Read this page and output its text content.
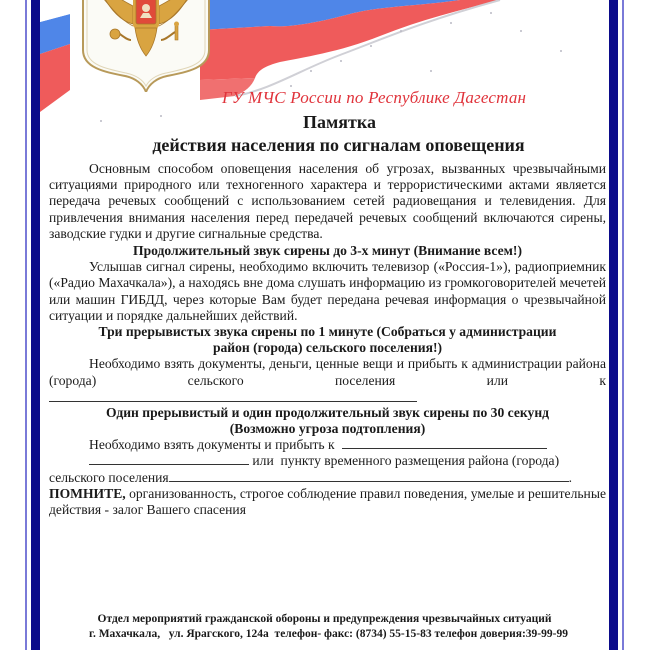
ГУ МЧС России по Республике Дагестан
Памятка
действия населения по сигналам оповещения
Основным способом оповещения населения об угрозах, вызванных чрезвычайными ситуациями природного или техногенного характера и террористическими актами является передача речевых сообщений с использованием сетей радиовещания и телевидения. Для привлечения внимания населения перед передачей речевых сообщений включаются сирены, заводские гудки и другие сигнальные средства.
Продолжительный звук сирены до 3-х минут (Внимание всем!)
Услышав сигнал сирены, необходимо включить телевизор («Россия-1»), радиоприемник («Радио Махачкала»), а находясь вне дома слушать информацию из громкоговорителей мечетей или машин ГИБДД, через которые Вам будет передана речевая информация о чрезвычайной ситуации и порядке дальнейших действий.
Три прерывистых звука сирены по 1 минуте (Собраться у администрации
район (города) сельского поселения!)
Необходимо взять документы, деньги, ценные вещи и прибыть к администрации района (города) сельского поселения или к
Один прерывистый и один продолжительный звук сирены по 30 секунд
(Возможно угроза подтопления)
Необходимо взять документы и прибыть к
или  пункту временного размещения района (города)
сельского поселения	.
ПОМНИТЕ, организованность, строгое соблюдение правил поведения, умелые и решительные действия - залог Вашего спасения
Отдел мероприятий гражданской обороны и предупреждения чрезвычайных ситуаций
г. Махачкала,   ул. Ярагского, 124а  телефон- факс: (8734) 55-15-83 телефон доверия:39-99-99
